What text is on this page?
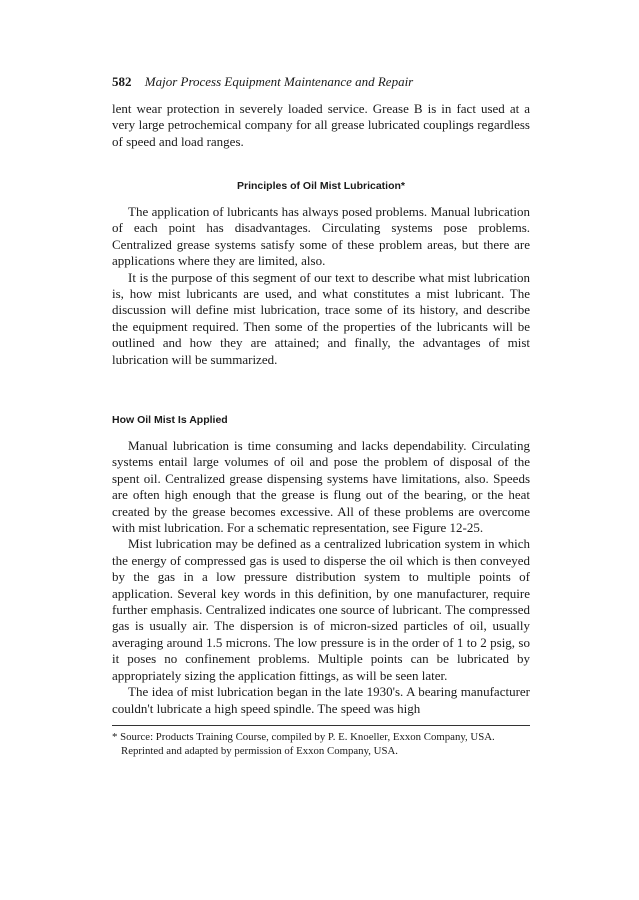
582 Major Process Equipment Maintenance and Repair

lent wear protection in severely loaded service. Grease B is in fact used at a very large petrochemical company for all grease lubricated couplings regardless of speed and load ranges.

Principles of Oil Mist Lubrication*

The application of lubricants has always posed problems. Manual lubrication of each point has disadvantages. Circulating systems pose problems. Centralized grease systems satisfy some of these problem areas, but there are applications where they are limited, also.

It is the purpose of this segment of our text to describe what mist lubrication is, how mist lubricants are used, and what constitutes a mist lubricant. The discussion will define mist lubrication, trace some of its history, and describe the equipment required. Then some of the properties of the lubricants will be outlined and how they are attained; and finally, the advantages of mist lubrication will be summarized.

How Oil Mist Is Applied

Manual lubrication is time consuming and lacks dependability. Circulating systems entail large volumes of oil and pose the problem of disposal of the spent oil. Centralized grease dispensing systems have limitations, also. Speeds are often high enough that the grease is flung out of the bearing, or the heat created by the grease becomes excessive. All of these problems are overcome with mist lubrication. For a schematic representation, see Figure 12-25.

Mist lubrication may be defined as a centralized lubrication system in which the energy of compressed gas is used to disperse the oil which is then conveyed by the gas in a low pressure distribution system to multiple points of application. Several key words in this definition, by one manufacturer, require further emphasis. Centralized indicates one source of lubricant. The compressed gas is usually air. The dispersion is of micron-sized particles of oil, usually averaging around 1.5 microns. The low pressure is in the order of 1 to 2 psig, so it poses no confinement problems. Multiple points can be lubricated by appropriately sizing the application fittings, as will be seen later.

The idea of mist lubrication began in the late 1930's. A bearing manufacturer couldn't lubricate a high speed spindle. The speed was high

* Source: Products Training Course, compiled by P. E. Knoeller, Exxon Company, USA.

Reprinted and adapted by permission of Exxon Company, USA.
